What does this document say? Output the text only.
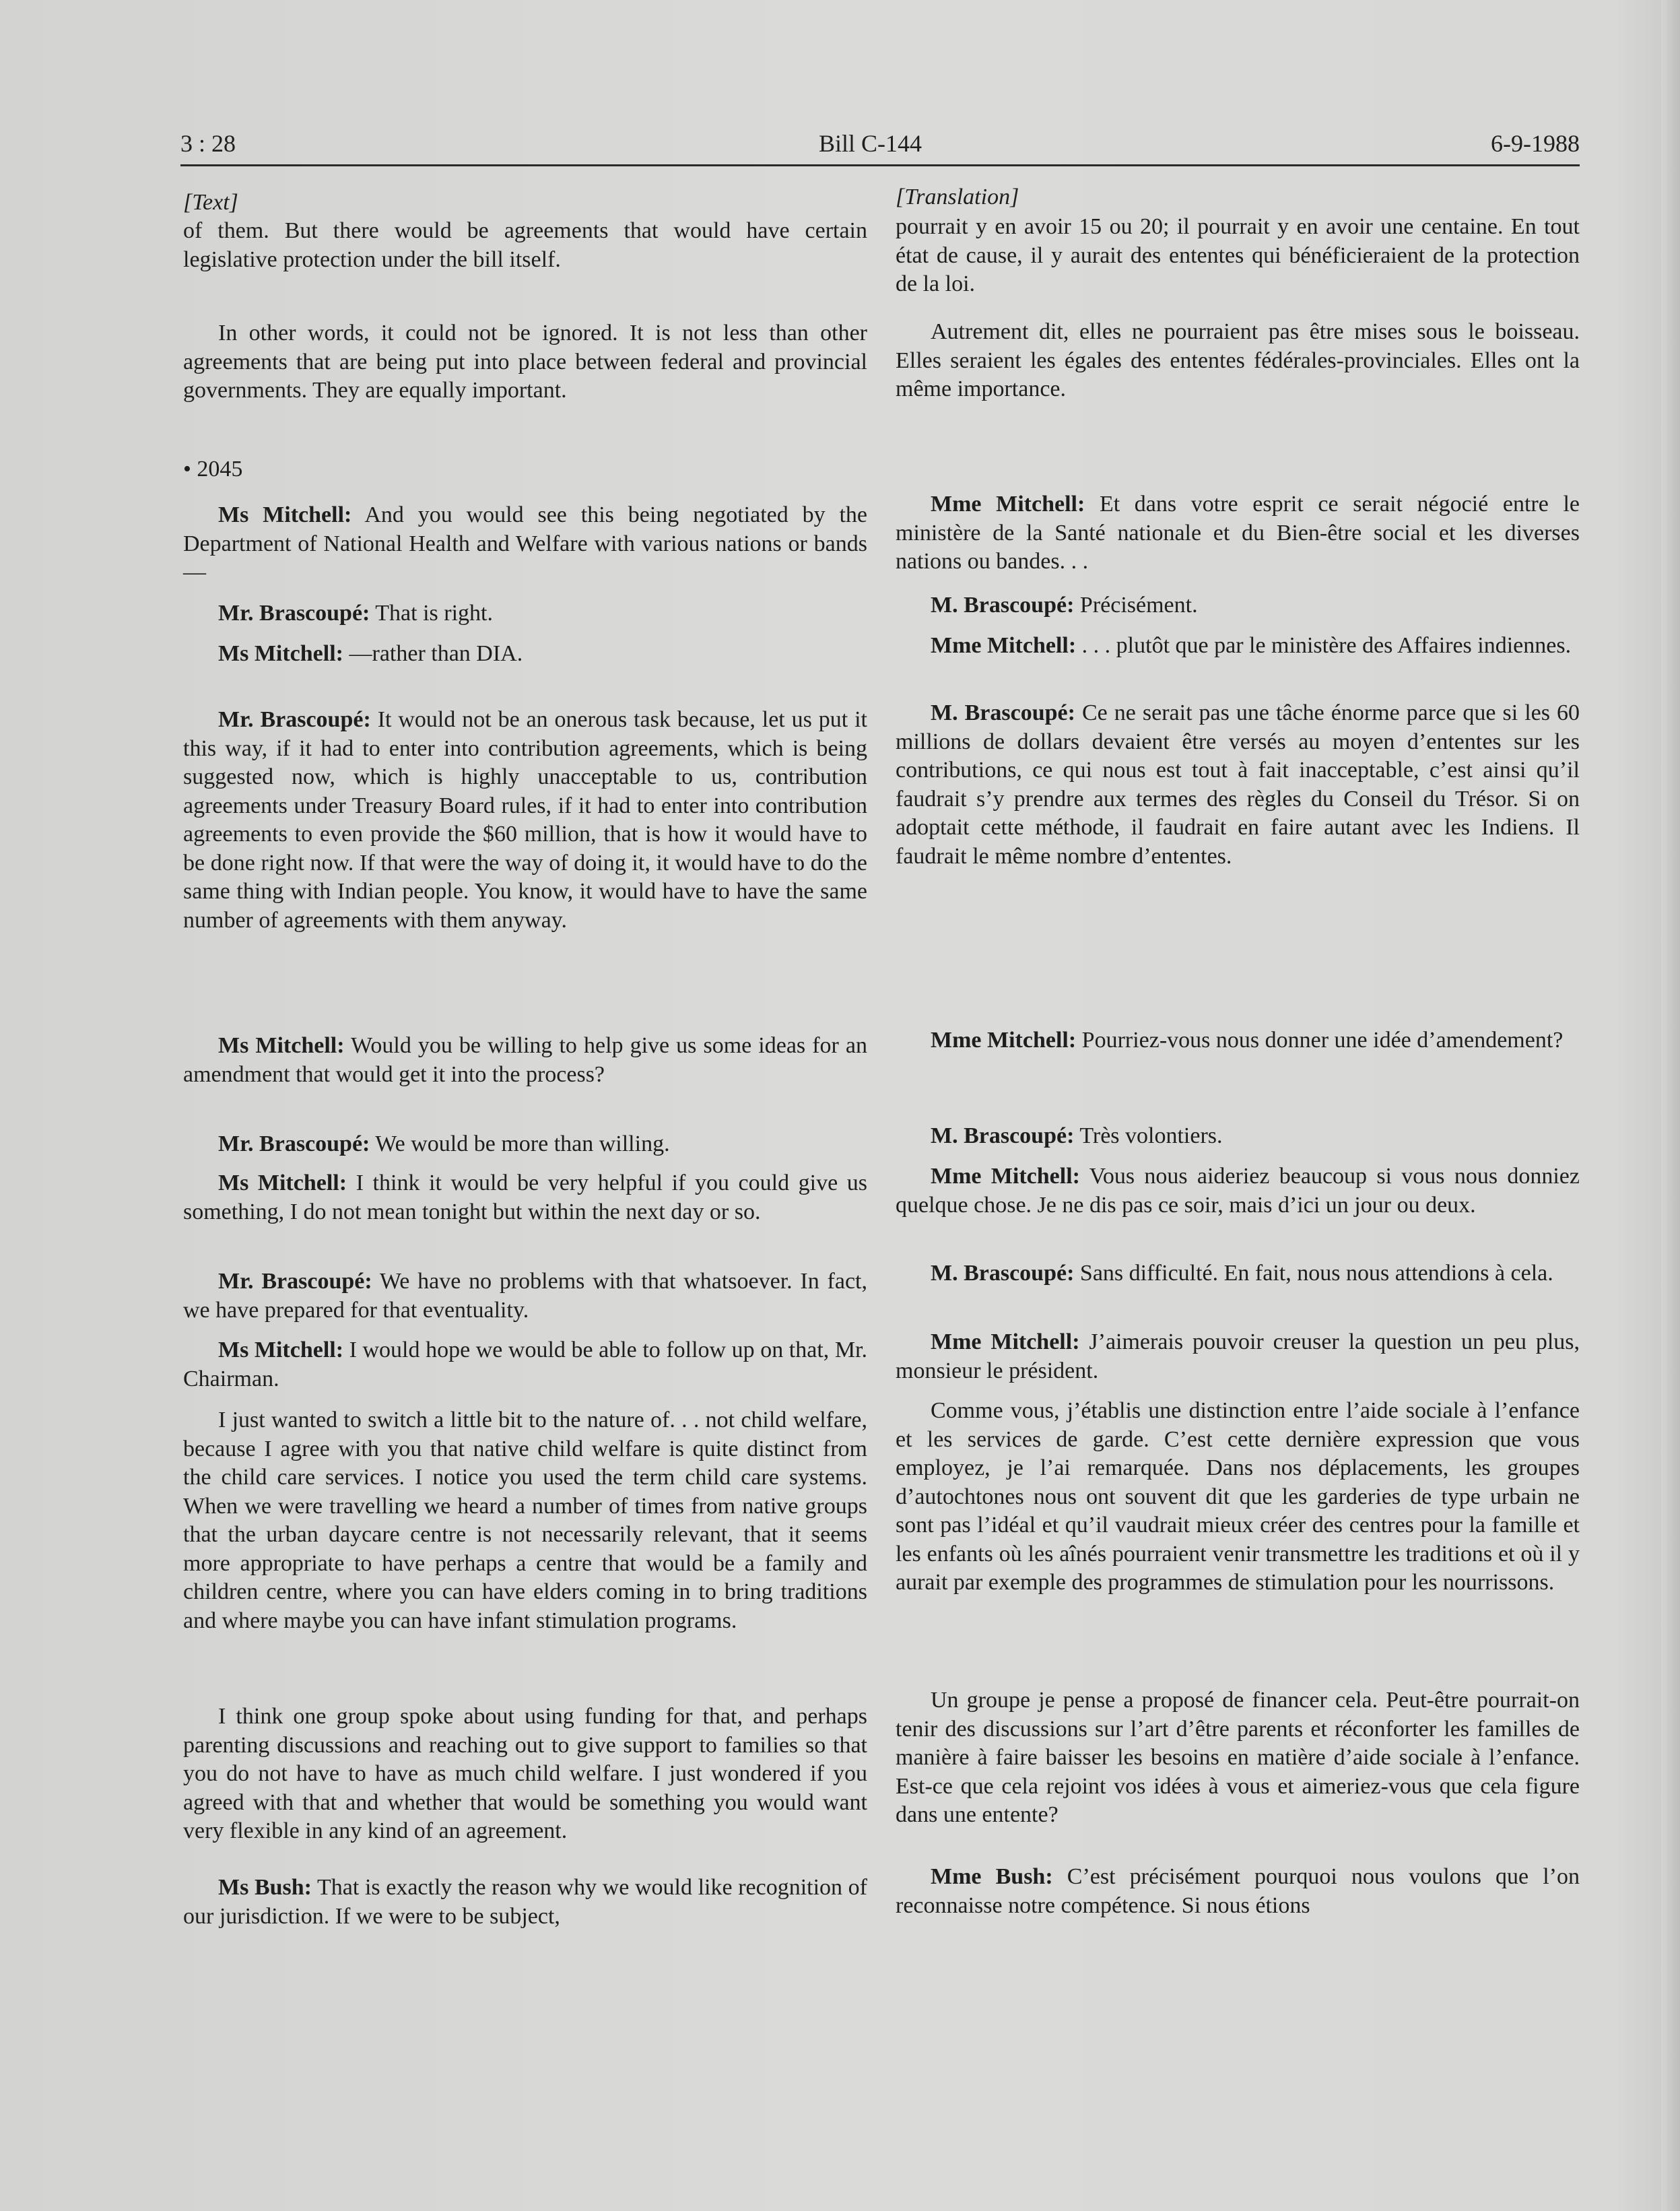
3 : 28	Bill C-144	6-9-1988
[Text]

of them. But there would be agreements that would have certain legislative protection under the bill itself.

In other words, it could not be ignored. It is not less than other agreements that are being put into place between federal and provincial governments. They are equally important.

• 2045

Ms Mitchell: And you would see this being negotiated by the Department of National Health and Welfare with various nations or bands—

Mr. Brascoupé: That is right.

Ms Mitchell: —rather than DIA.

Mr. Brascoupé: It would not be an onerous task because, let us put it this way, if it had to enter into contribution agreements, which is being suggested now, which is highly unacceptable to us, contribution agreements under Treasury Board rules, if it had to enter into contribution agreements to even provide the $60 million, that is how it would have to be done right now. If that were the way of doing it, it would have to do the same thing with Indian people. You know, it would have to have the same number of agreements with them anyway.

Ms Mitchell: Would you be willing to help give us some ideas for an amendment that would get it into the process?

Mr. Brascoupé: We would be more than willing.

Ms Mitchell: I think it would be very helpful if you could give us something, I do not mean tonight but within the next day or so.

Mr. Brascoupé: We have no problems with that whatsoever. In fact, we have prepared for that eventuality.

Ms Mitchell: I would hope we would be able to follow up on that, Mr. Chairman.

I just wanted to switch a little bit to the nature of. . . not child welfare, because I agree with you that native child welfare is quite distinct from the child care services. I notice you used the term child care systems. When we were travelling we heard a number of times from native groups that the urban daycare centre is not necessarily relevant, that it seems more appropriate to have perhaps a centre that would be a family and children centre, where you can have elders coming in to bring traditions and where maybe you can have infant stimulation programs.

I think one group spoke about using funding for that, and perhaps parenting discussions and reaching out to give support to families so that you do not have to have as much child welfare. I just wondered if you agreed with that and whether that would be something you would want very flexible in any kind of an agreement.

Ms Bush: That is exactly the reason why we would like recognition of our jurisdiction. If we were to be subject,

[Translation]

pourrait y en avoir 15 ou 20; il pourrait y en avoir une centaine. En tout état de cause, il y aurait des ententes qui bénéficieraient de la protection de la loi.

Autrement dit, elles ne pourraient pas être mises sous le boisseau. Elles seraient les égales des ententes fédérales-provinciales. Elles ont la même importance.

Mme Mitchell: Et dans votre esprit ce serait négocié entre le ministère de la Santé nationale et du Bien-être social et les diverses nations ou bandes. . .

M. Brascoupé: Précisément.

Mme Mitchell: . . . plutôt que par le ministère des Affaires indiennes.

M. Brascoupé: Ce ne serait pas une tâche énorme parce que si les 60 millions de dollars devaient être versés au moyen d’ententes sur les contributions, ce qui nous est tout à fait inacceptable, c’est ainsi qu’il faudrait s’y prendre aux termes des règles du Conseil du Trésor. Si on adoptait cette méthode, il faudrait en faire autant avec les Indiens. Il faudrait le même nombre d’ententes.

Mme Mitchell: Pourriez-vous nous donner une idée d’amendement?

M. Brascoupé: Très volontiers.

Mme Mitchell: Vous nous aideriez beaucoup si vous nous donniez quelque chose. Je ne dis pas ce soir, mais d’ici un jour ou deux.

M. Brascoupé: Sans difficulté. En fait, nous nous attendions à cela.

Mme Mitchell: J’aimerais pouvoir creuser la question un peu plus, monsieur le président.

Comme vous, j’établis une distinction entre l’aide sociale à l’enfance et les services de garde. C’est cette dernière expression que vous employez, je l’ai remarquée. Dans nos déplacements, les groupes d’autochtones nous ont souvent dit que les garderies de type urbain ne sont pas l’idéal et qu’il vaudrait mieux créer des centres pour la famille et les enfants où les aînés pourraient venir transmettre les traditions et où il y aurait par exemple des programmes de stimulation pour les nourrissons.

Un groupe je pense a proposé de financer cela. Peut-être pourrait-on tenir des discussions sur l’art d’être parents et réconforter les familles de manière à faire baisser les besoins en matière d’aide sociale à l’enfance. Est-ce que cela rejoint vos idées à vous et aimeriez-vous que cela figure dans une entente?

Mme Bush: C’est précisément pourquoi nous voulons que l’on reconnaisse notre compétence. Si nous étions
